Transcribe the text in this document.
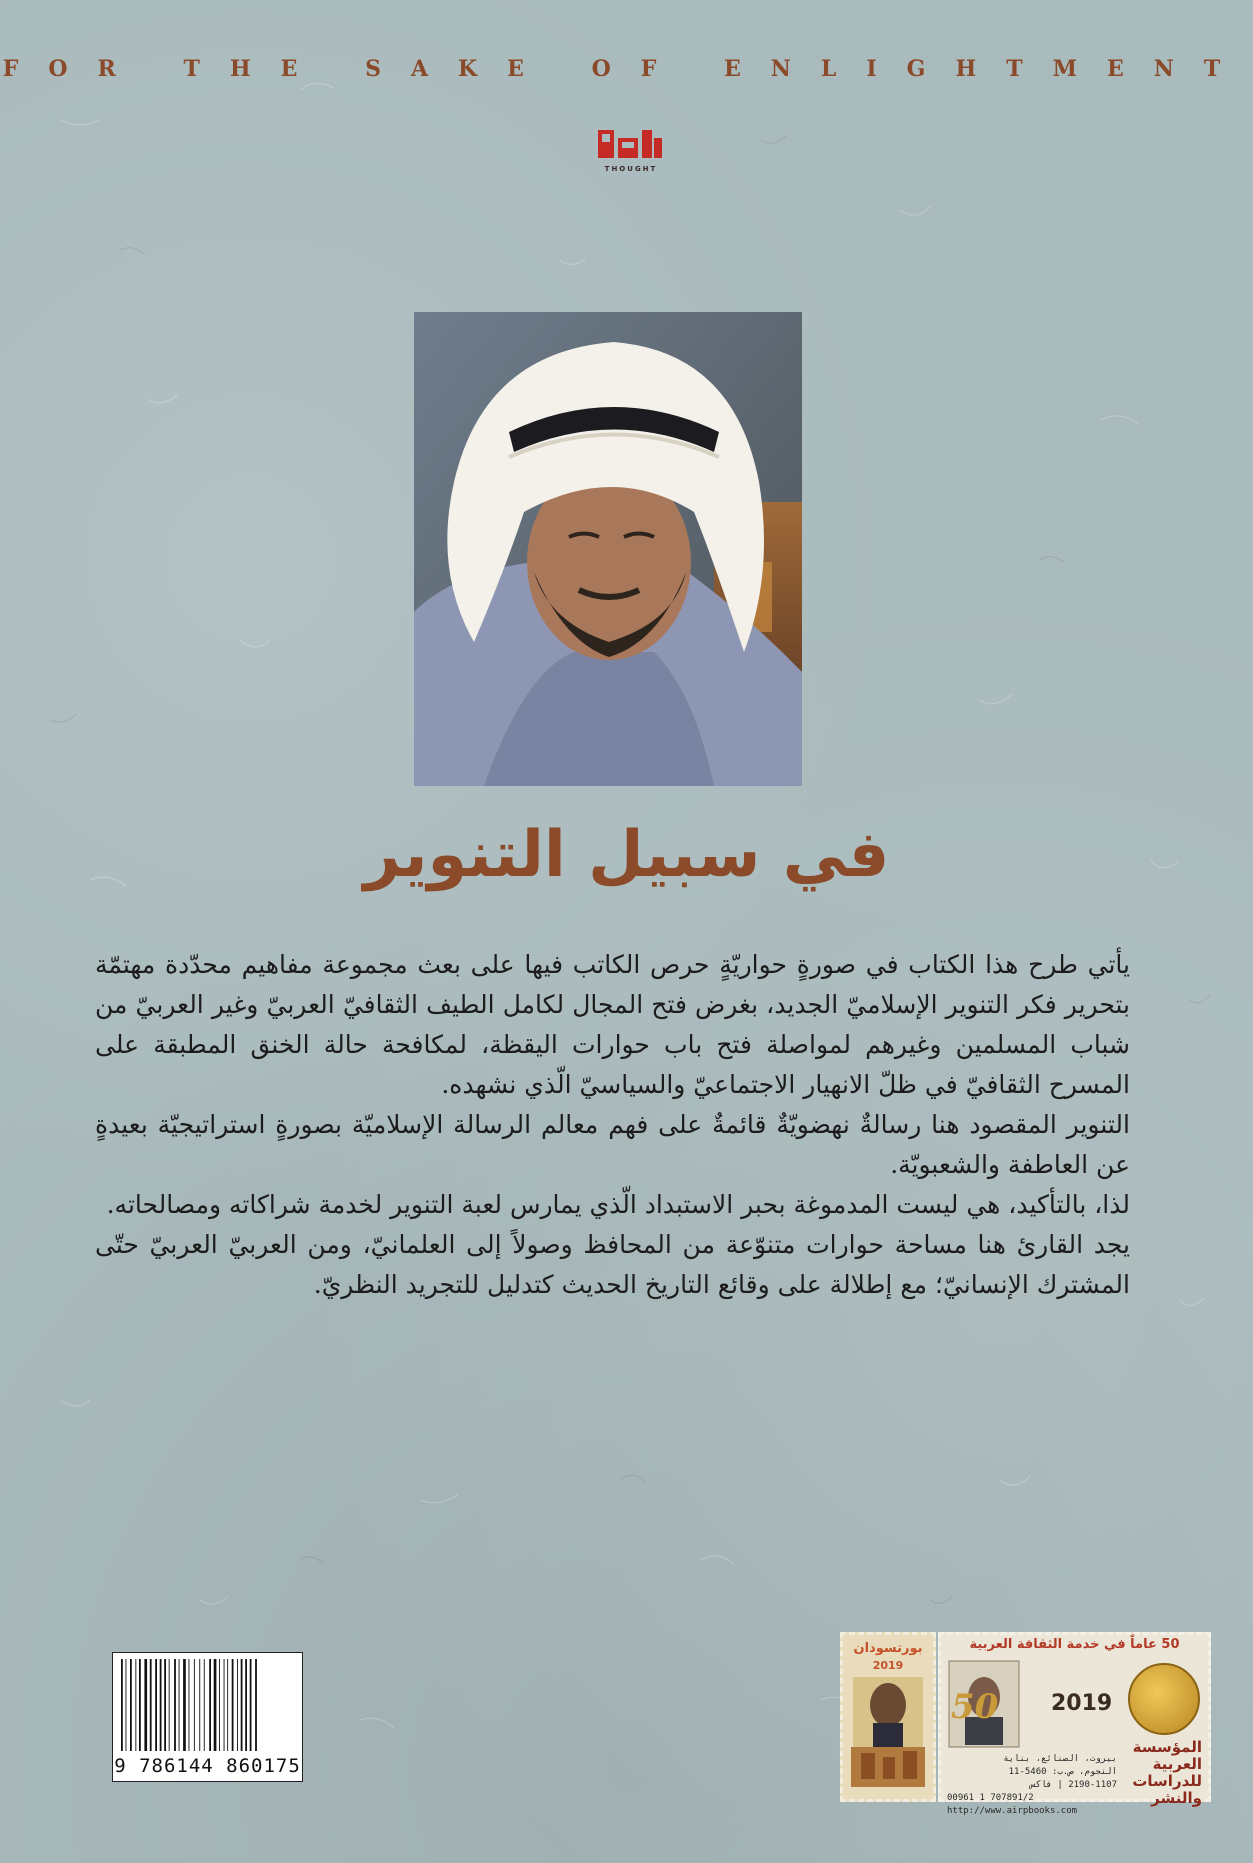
FOR THE SAKE OF ENLIGHTMENT
THOUGHT
في سبيل التنوير

يأتي طرح هذا الكتاب في صورةٍ حواريّةٍ حرص الكاتب فيها على بعث مجموعة مفاهيم محدّدة مهتمّة بتحرير فكر التنوير الإسلاميّ الجديد، بغرض فتح المجال لكامل الطيف الثقافيّ العربيّ وغير العربيّ من شباب المسلمين وغيرهم لمواصلة فتح باب حوارات اليقظة، لمكافحة حالة الخنق المطبقة على المسرح الثقافيّ في ظلّ الانهيار الاجتماعيّ والسياسيّ الّذي نشهده.

التنوير المقصود هنا رسالةٌ نهضويّةٌ قائمةٌ على فهم معالم الرسالة الإسلاميّة بصورةٍ استراتيجيّة بعيدةٍ عن العاطفة والشعبويّة.

لذا، بالتأكيد، هي ليست المدموغة بحبر الاستبداد الّذي يمارس لعبة التنوير لخدمة شراكاته ومصالحاته.

يجد القارئ هنا مساحة حوارات متنوّعة من المحافظ وصولاً إلى العلمانيّ، ومن العربيّ العربيّ حتّى المشترك الإنسانيّ؛ مع إطلالة على وقائع التاريخ الحديث كتدليل للتجريد النظريّ.

9 786144 860175
بورتسودان
2019
50 عاماً في خدمة الثقافة العربية
50 2019
بيروت، الصنائع، بناية
النجوم، ص.ب: 5460-11
2190-1107 | فاكس
00961 1 707891/2
http://www.airpbooks.com
المؤسسة العربية للدراسات والنشر
